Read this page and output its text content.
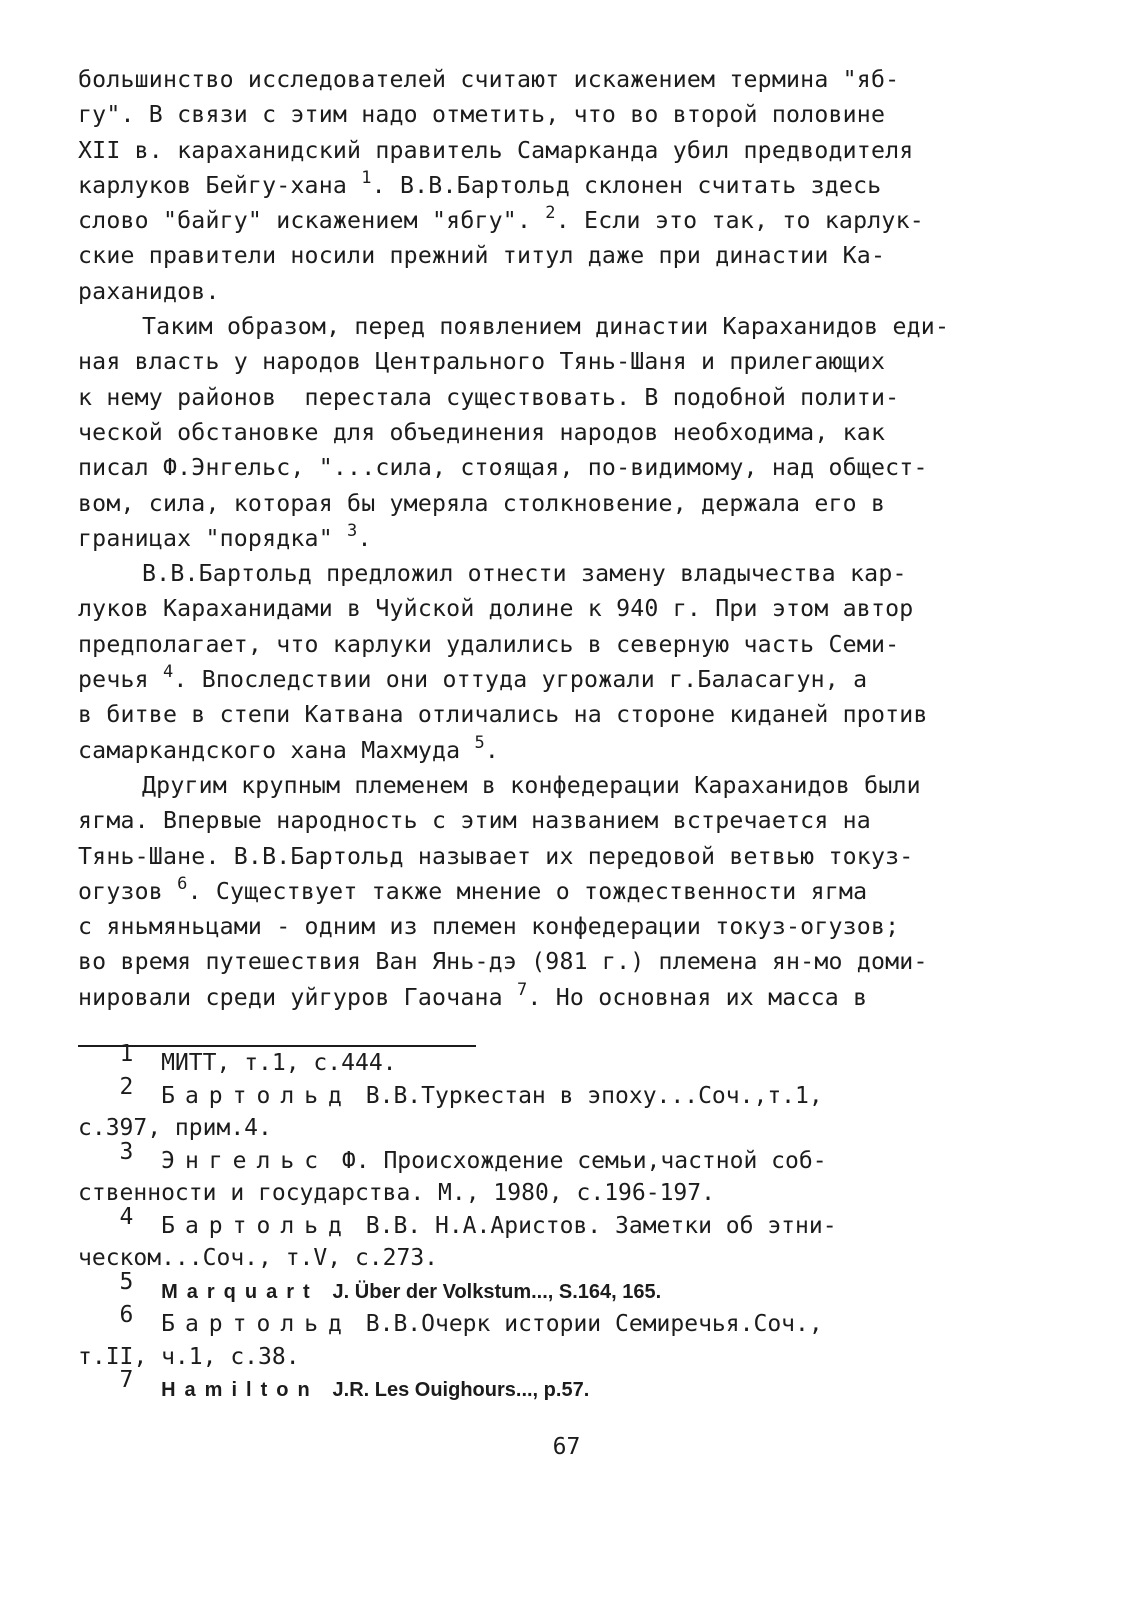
большинство исследователей считают искажением термина "яб-
гу". В связи с этим надо отметить, что во второй половине
XII в. караханидский правитель Самарканда убил предводителя
карлуков Бейгу-хана $^1$. В.В.Бартольд склонен считать здесь
слово "байгу" искажением "ябгу". $^2$. Если это так, то карлук-
ские правители носили прежний титул даже при династии Ка-
раханидов.

Таким образом, перед появлением династии Караханидов еди-
ная власть у народов Центрального Тянь-Шаня и прилегающих
к нему районов  перестала существовать. В подобной полити-
ческой обстановке для объединения народов необходима, как
писал Ф.Энгельс, "...сила, стоящая, по-видимому, над общест-
вом, сила, которая бы умеряла столкновение, держала его в
границах "порядка" $^3$.

В.В.Бартольд предложил отнести замену владычества кар-
луков Караханидами в Чуйской долине к 940 г. При этом автор
предполагает, что карлуки удалились в северную часть Семи-
речья $^4$. Впоследствии они оттуда угрожали г.Баласагун, а
в битве в степи Катвана отличались на стороне киданей против
самаркандского хана Махмуда $^5$.

Другим крупным племенем в конфедерации Караханидов были
ягма. Впервые народность с этим названием встречается на
Тянь-Шане. В.В.Бартольд называет их передовой ветвью токуз-
огузов $^6$. Существует также мнение о тождественности ягма
с яньмяньцами - одним из племен конфедерации токуз-огузов;
во время путешествия Ван Янь-дэ (981 г.) племена ян-мо доми-
нировали среди уйгуров Гаочана $^7$. Но основная их масса в

1 МИТТ, т.1, с.444.
2 Бартольд В.В.Туркестан в эпоху...Соч.,т.1,
с.397, прим.4.
3 Энгельс Ф. Происхождение семьи,частной соб-
ственности и государства. М., 1980, с.196-197.
4 Бартольд В.В. Н.А.Аристов. Заметки об этни-
ческом...Соч., т.V, с.273.
5 Marquart J. Über der Volkstum..., S.164, 165.
6 Бартольд В.В.Очерк истории Семиречья.Соч.,
т.II, ч.1, с.38.
7 Hamilton J.R. Les Ouighours..., p.57.
67
